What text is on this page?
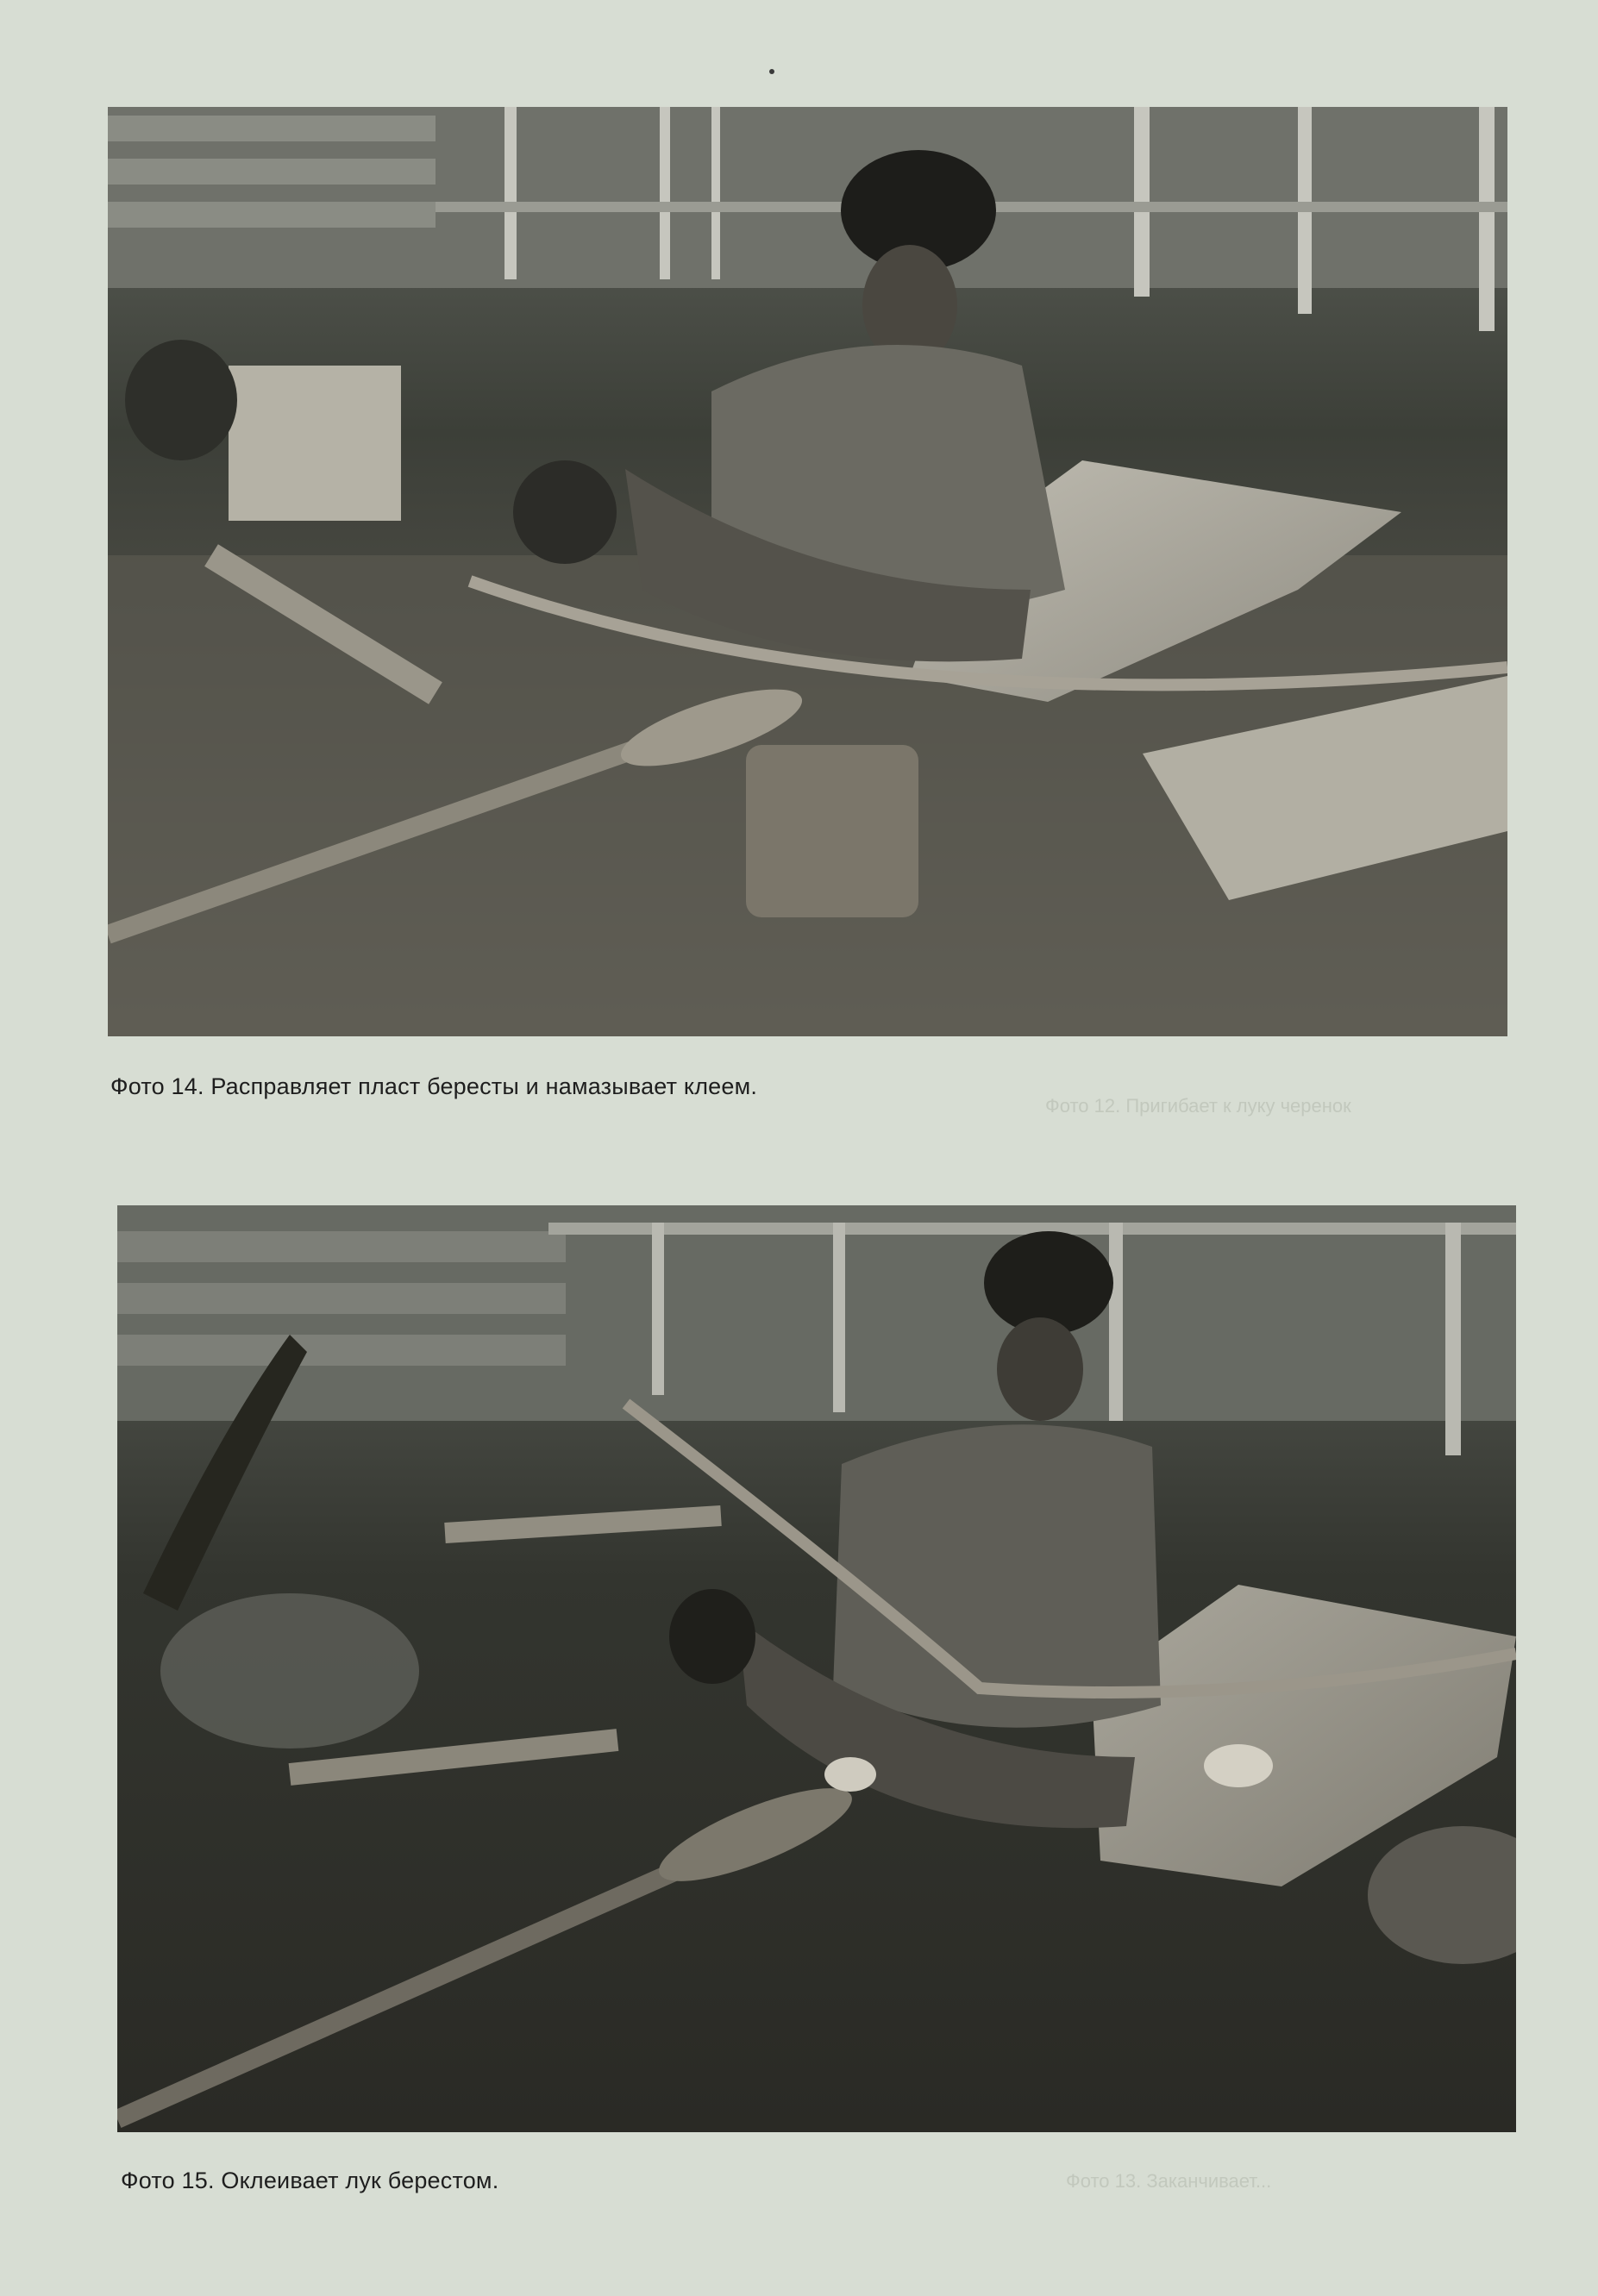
Фото 14. Расправляет пласт бересты и намазывает клеем.
Фото 15. Оклеивает лук берестом.
Фото 12. Пригибает к луку черенок
Фото 13. Заканчивает...
